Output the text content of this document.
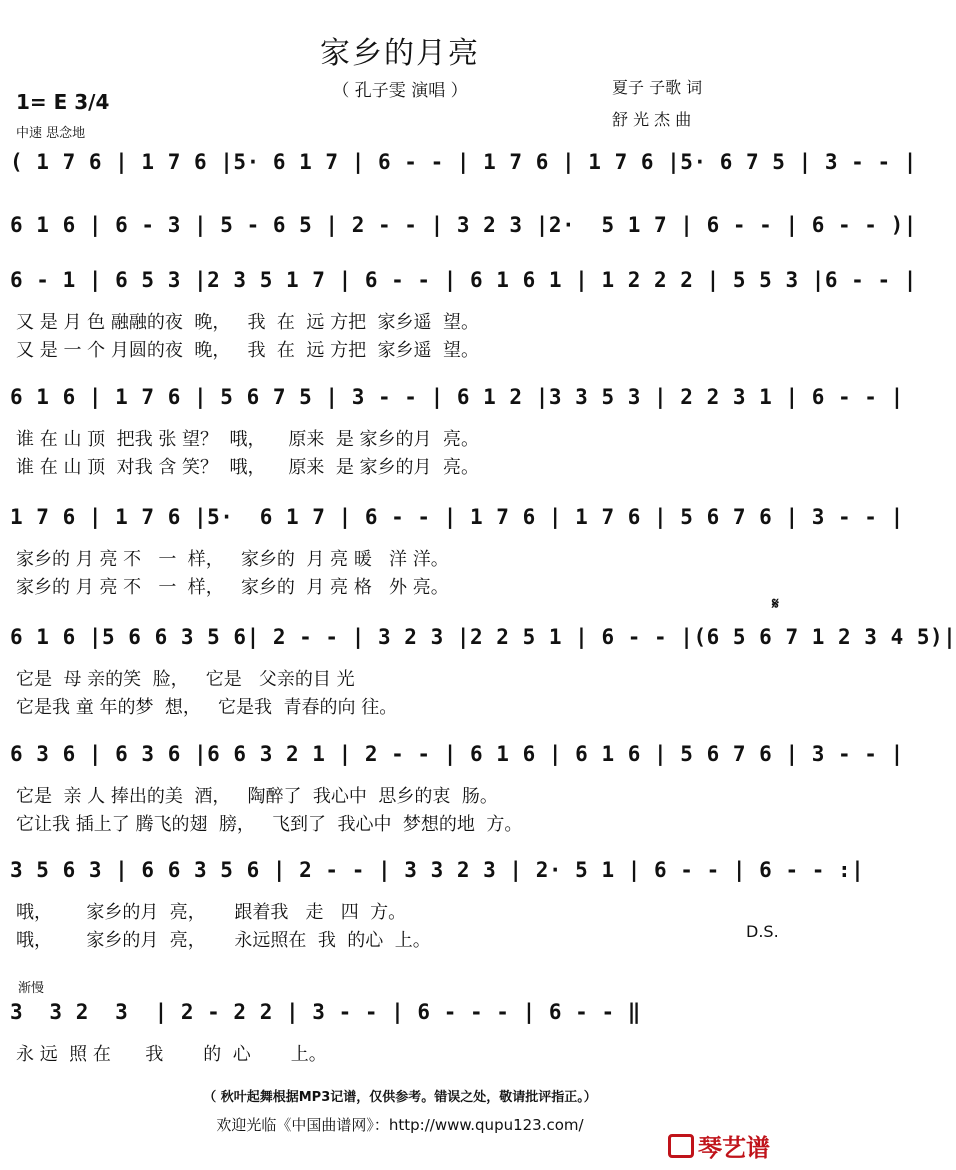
家乡的月亮
（ 孔子雯 演唱 ）	夏子 子歌 词
舒 光 杰 曲
1= E 3/4
中速 思念地
( 1 7 6 | 1 7 6 |5· 6 1 7 | 6 - - | 1 7 6 | 1 7 6 |5· 6 7 5 | 3 - - |
6 1 6 | 6 - 3 | 5 - 6 5 | 2 - - | 3 2 3 |2·  5 1 7 | 6 - - | 6 - - )|
6 - 1 | 6 5 3 |2 3 5 1 7 | 6 - - | 6 1 6 1 | 1 2 2 2 | 5 5 3 |6 - - |
又 是 月 色 融融的夜  晚，   我  在  远 方把  家乡遥  望。
又 是 一 个 月圆的夜  晚，   我  在  远 方把  家乡遥  望。
6 1 6 | 1 7 6 | 5 6 7 5 | 3 - - | 6 1 2 |3 3 5 3 | 2 2 3 1 | 6 - - |
谁 在 山 顶  把我 张 望？  哦，    原来  是 家乡的月  亮。
谁 在 山 顶  对我 含 笑？  哦，    原来  是 家乡的月  亮。
1 7 6 | 1 7 6 |5·  6 1 7 | 6 - - | 1 7 6 | 1 7 6 | 5 6 7 6 | 3 - - |
家乡的 月 亮 不   一  样，   家乡的  月 亮 暖   洋 洋。
家乡的 月 亮 不   一  样，   家乡的  月 亮 格   外 亮。
6 1 6 |5 6 6 3 5 6| 2 - - | 3 2 3 |2 2 5 1 | 6 - - |(6 5 6 7 1 2 3 4 5)|
它是  母 亲的笑  脸，   它是   父亲的目 光
它是我 童 年的梦  想，   它是我  青春的向 往。
6 3 6 | 6 3 6 |6 6 3 2 1 | 2 - - | 6 1 6 | 6 1 6 | 5 6 7 6 | 3 - - |
它是  亲 人 捧出的美  酒，   陶醉了  我心中  思乡的衷  肠。
它让我 插上了 腾飞的翅  膀，   飞到了  我心中  梦想的地  方。
3 5 6 3 | 6 6 3 5 6 | 2 - - | 3 3 2 3 | 2· 5 1 | 6 - - | 6 - - :|
哦，      家乡的月  亮，     跟着我   走   四  方。
哦，      家乡的月  亮，     永远照在  我  的心  上。
3  3 2  3  | 2 - 2 2 | 3 - - | 6 - - - | 6 - - ‖
永 远  照 在      我       的  心       上。
𝄋
D.S.
渐慢
（ 秋叶起舞根据MP3记谱，仅供参考。错误之处，敬请批评指正。）
欢迎光临《中国曲谱网》：http://www.qupu123.com/
琴艺谱
